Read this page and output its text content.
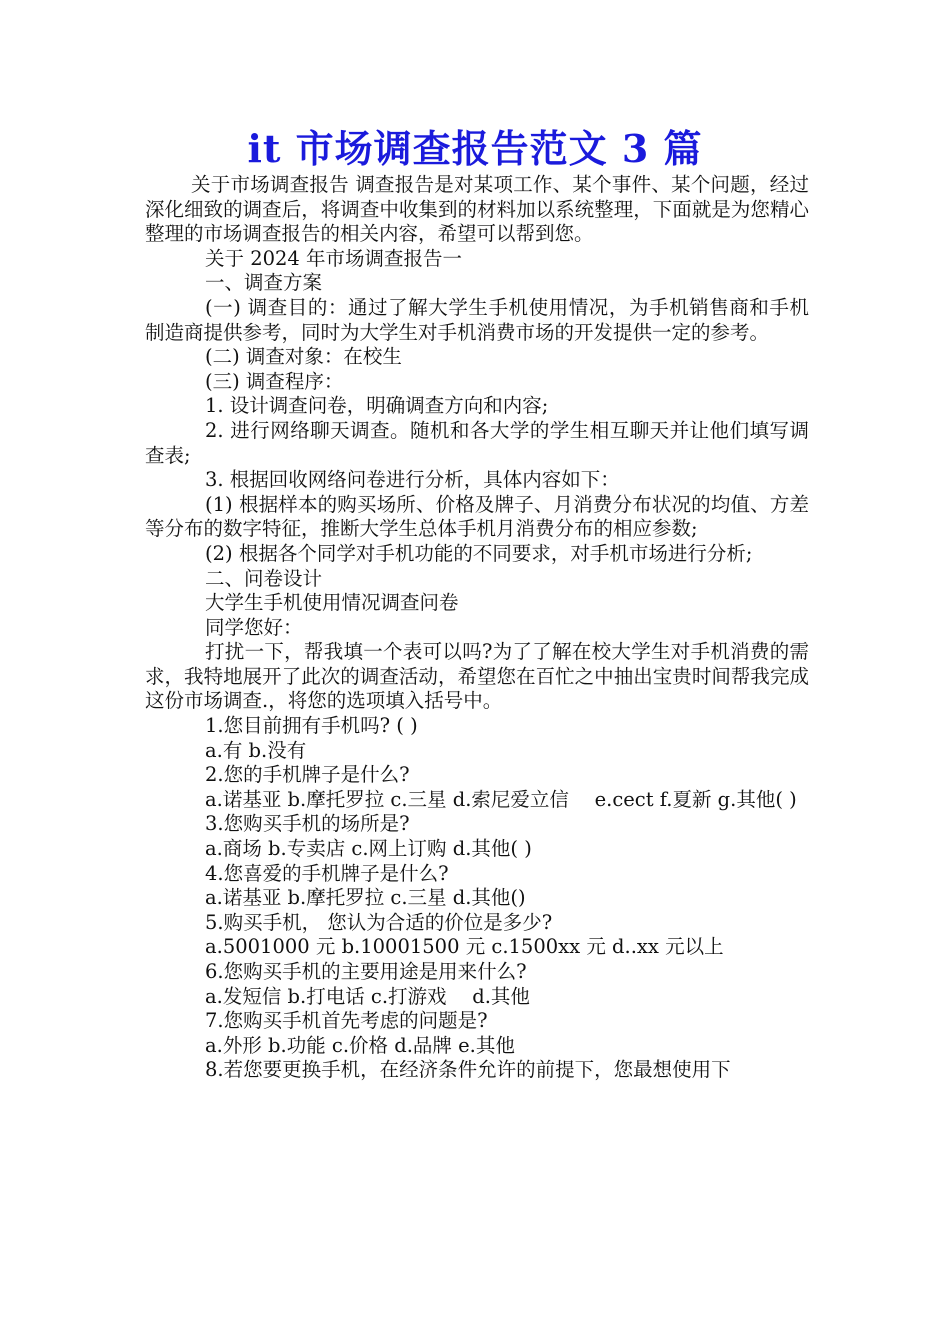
it 市场调查报告范文 3 篇

关于市场调查报告 调查报告是对某项工作、某个事件、某个问题，经过深化细致的调查后，将调查中收集到的材料加以系统整理，下面就是为您精心整理的市场调查报告的相关内容，希望可以帮到您。

关于 2024 年市场调查报告一

一、调查方案

(一) 调查目的：通过了解大学生手机使用情况，为手机销售商和手机制造商提供参考，同时为大学生对手机消费市场的开发提供一定的参考。

(二) 调查对象：在校生

(三) 调查程序：

1. 设计调查问卷，明确调查方向和内容;

2. 进行网络聊天调查。随机和各大学的学生相互聊天并让他们填写调查表;

3. 根据回收网络问卷进行分析，具体内容如下：

(1) 根据样本的购买场所、价格及牌子、月消费分布状况的均值、方差等分布的数字特征，推断大学生总体手机月消费分布的相应参数;

(2) 根据各个同学对手机功能的不同要求，对手机市场进行分析;

二、问卷设计

大学生手机使用情况调查问卷

同学您好：

打扰一下，帮我填一个表可以吗?为了了解在校大学生对手机消费的需求，我特地展开了此次的调查活动，希望您在百忙之中抽出宝贵时间帮我完成这份市场调查.，将您的选项填入括号中。

1.您目前拥有手机吗? ( )

a.有 b.没有

2.您的手机牌子是什么?

a.诺基亚 b.摩托罗拉 c.三星 d.索尼爱立信　 e.cect f.夏新 g.其他( )

3.您购买手机的场所是?

a.商场 b.专卖店 c.网上订购 d.其他( )

4.您喜爱的手机牌子是什么?

a.诺基亚 b.摩托罗拉 c.三星 d.其他()

5.购买手机， 您认为合适的价位是多少?

a.5001000 元 b.10001500 元 c.1500xx 元 d..xx 元以上

6.您购买手机的主要用途是用来什么?

a.发短信 b.打电话 c.打游戏　 d.其他

7.您购买手机首先考虑的问题是?

a.外形 b.功能 c.价格 d.品牌 e.其他

8.若您要更换手机，在经济条件允许的前提下，您最想使用下
